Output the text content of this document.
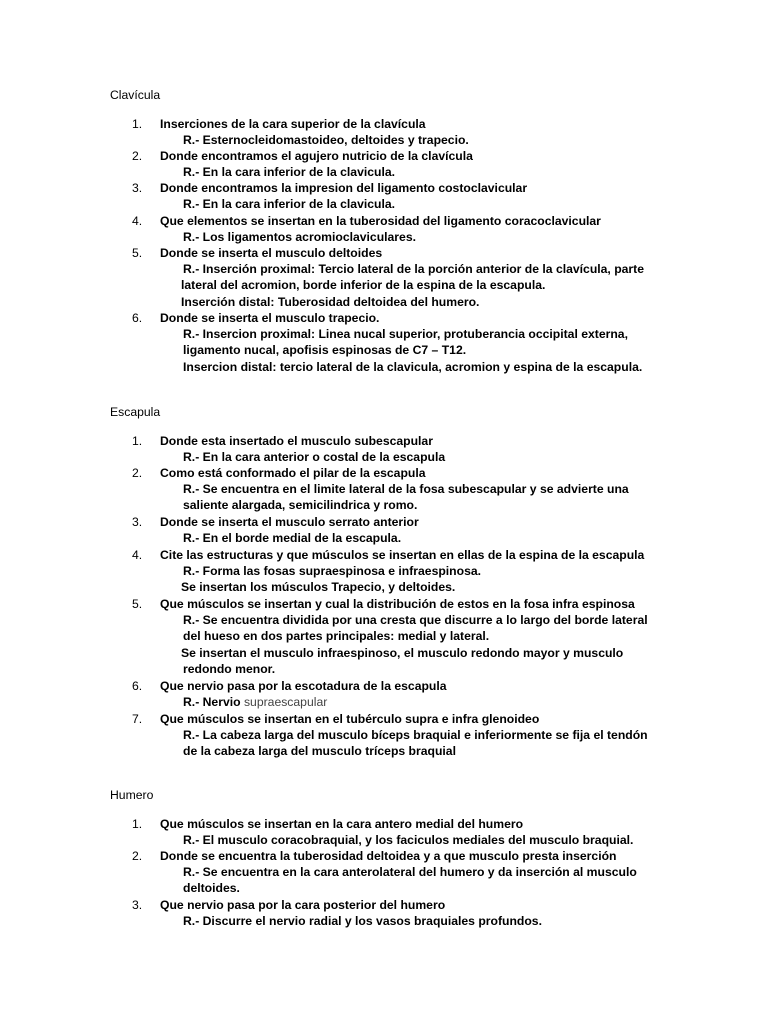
Clavícula
1.	Inserciones de la cara superior de la clavícula
R.- Esternocleidomastoideo, deltoides y trapecio.
2.	Donde encontramos el agujero nutricio de la clavícula
R.- En la cara inferior de la clavicula.
3.	Donde encontramos la impresion del ligamento costoclavicular
R.- En la cara inferior de la clavicula.
4.	Que elementos se insertan en la tuberosidad del ligamento coracoclavicular
R.- Los ligamentos acromioclaviculares.
5.	Donde se inserta el musculo deltoides
R.- Inserción proximal: Tercio lateral de la porción anterior de la clavícula, parte
lateral del acromion, borde inferior de la espina de la escapula.
Inserción distal: Tuberosidad deltoidea del humero.
6.	Donde se inserta el musculo trapecio.
R.- Insercion proximal: Linea nucal superior, protuberancia occipital externa,
ligamento nucal, apofisis espinosas de C7 – T12.
Insercion distal: tercio lateral de la clavicula, acromion y espina de la escapula.
Escapula
1.	Donde esta insertado el musculo subescapular
R.- En la cara anterior o costal de la escapula
2.	Como está conformado el pilar de la escapula
R.- Se encuentra en el limite lateral de la fosa subescapular y se advierte una
saliente alargada, semicilindrica y romo.
3.	Donde se inserta el musculo serrato anterior
R.- En el borde medial de la escapula.
4.	Cite las estructuras y que músculos se insertan en ellas de la espina de la escapula
R.- Forma las fosas supraespinosa e infraespinosa.
Se insertan los músculos Trapecio, y deltoides.
5.	Que músculos se insertan y cual la distribución de estos en la fosa infra espinosa
R.- Se encuentra dividida por una cresta que discurre a lo largo del borde lateral
del hueso en dos partes principales: medial y lateral.
Se insertan el musculo infraespinoso, el musculo redondo mayor y musculo
redondo menor.
6.	Que nervio pasa por la escotadura de la escapula
R.- Nervio supraescapular
7.	Que músculos se insertan en el tubérculo supra e infra glenoideo
R.- La cabeza larga del musculo bíceps braquial e inferiormente se fija el tendón
de la cabeza larga del musculo tríceps braquial
Humero
1.	Que músculos se insertan en la cara antero medial del humero
R.- El musculo coracobraquial, y los faciculos mediales del musculo braquial.
2.	Donde se encuentra la tuberosidad deltoidea y a que musculo presta inserción
R.- Se encuentra en la cara anterolateral del humero y da inserción al musculo
deltoides.
3.	Que nervio pasa por la cara posterior del humero
R.- Discurre el nervio radial y los vasos braquiales profundos.
